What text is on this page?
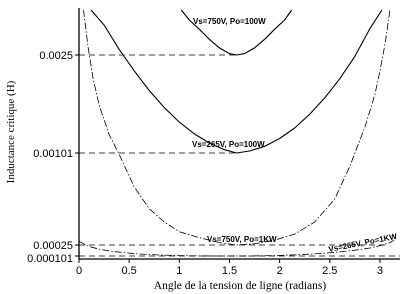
0	0.5	1	1.5	2	2.5	3
0.000101
0.00025
0.00101
0.0025
Vs=750V, Po=100W
Vs=265V, Po=100W
Vs=750V, Po=1KW	Vs=265V, Po=1KW
Angle de la tension de ligne (radians)
Inductance critique (H)
